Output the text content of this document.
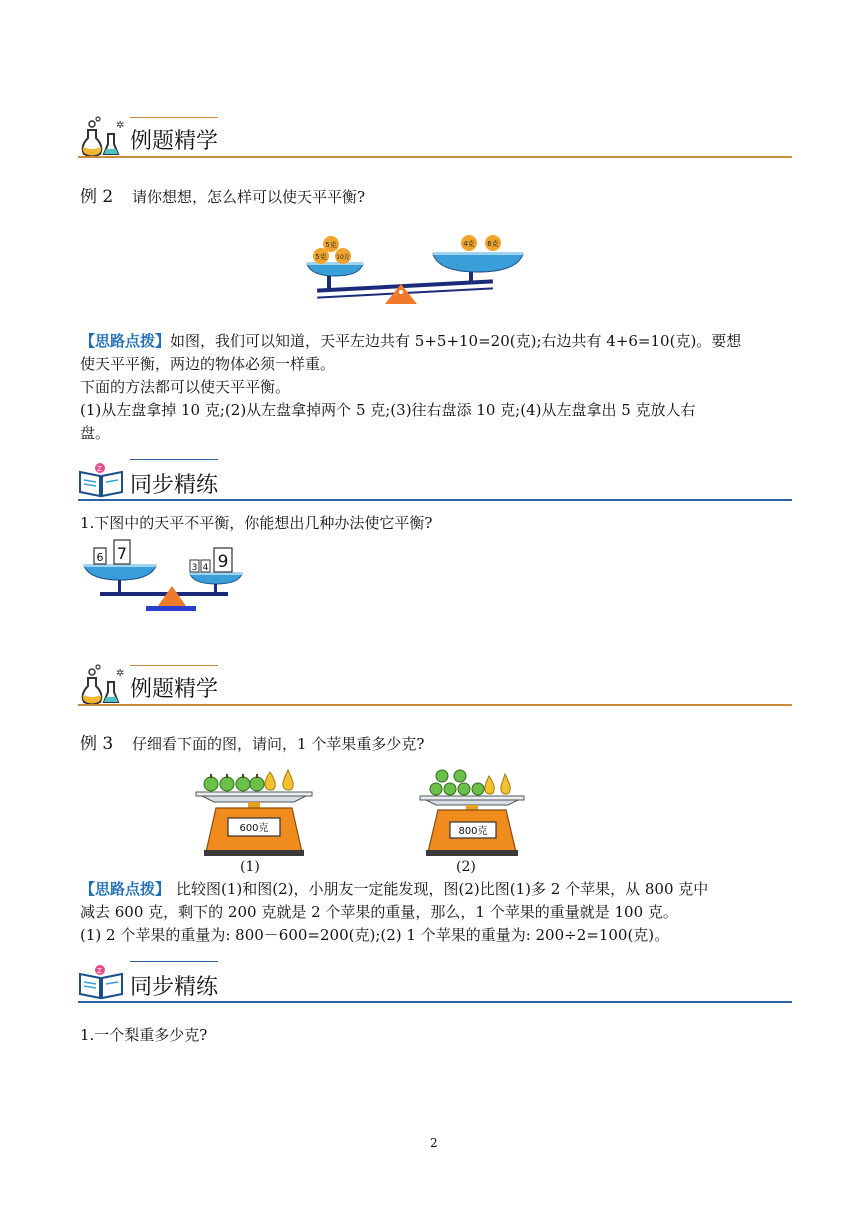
✲
例题精学
例 2 请你想想，怎么样可以使天平平衡?
5克
5克 10克
4克 6克
【思路点拨】如图，我们可以知道，天平左边共有 5+5+10=20(克);右边共有 4+6=10(克)。要想
使天平平衡，两边的物体必须一样重。
下面的方法都可以使天平平衡。
(1)从左盘拿掉 10 克;(2)从左盘拿掉两个 5 克;(3)往右盘添 10 克;(4)从左盘拿出 5 克放人右
盘。
Z
同步精练
1.下图中的天平不平衡，你能想出几种办法使它平衡?
6 7
3 4 9
✲
例题精学
例 3 仔细看下面的图，请问，1 个苹果重多少克?
600克
(1)
800克
(2)
【思路点拨】 比较图(1)和图(2)，小朋友一定能发现，图(2)比图(1)多 2 个苹果，从 800 克中
减去 600 克，剩下的 200 克就是 2 个苹果的重量，那么，1 个苹果的重量就是 100 克。
(1) 2 个苹果的重量为: 800－600=200(克);(2) 1 个苹果的重量为: 200÷2=100(克)。
Z
同步精练
1.一个梨重多少克?
2
